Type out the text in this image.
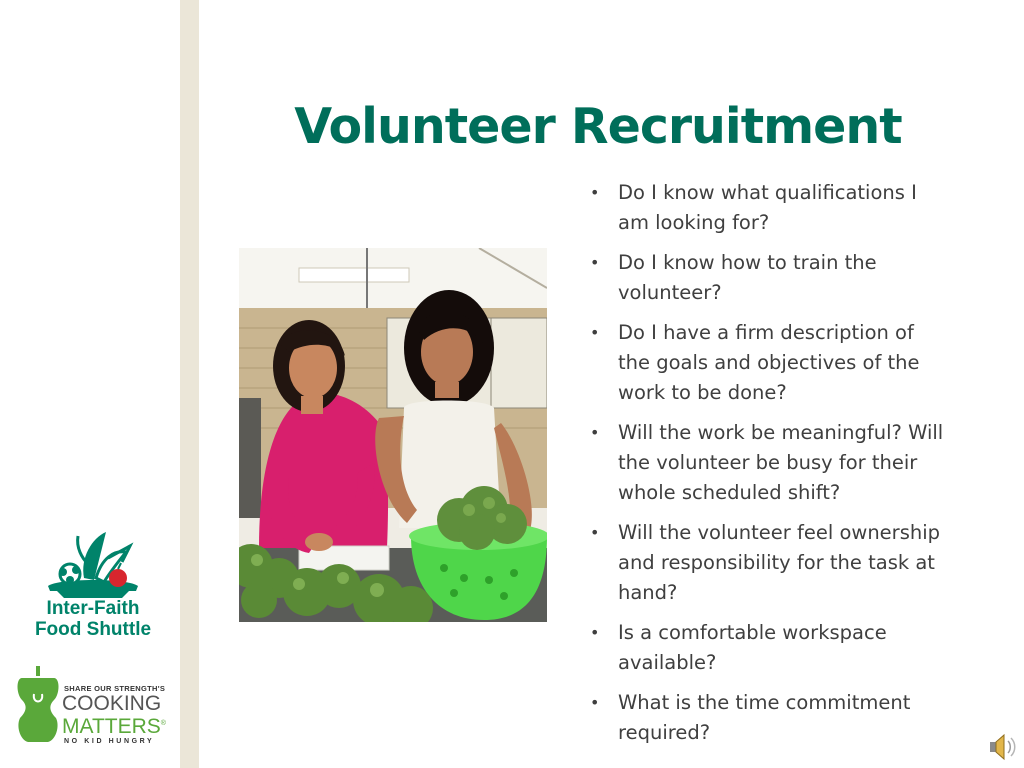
Volunteer Recruitment
• Do I know what qualifications I am looking for?
• Do I know how to train the volunteer?
• Do I have a firm description of the goals and objectives of the work to be done?
• Will the work be meaningful? Will the volunteer be busy for their whole scheduled shift?
• Will the volunteer feel ownership and responsibility for the task at hand?
• Is a comfortable workspace available?
• What is the time commitment required?
Inter-Faith
Food Shuttle
SHARE OUR STRENGTH'S
COOKING
MATTERS®
NO KID HUNGRY
